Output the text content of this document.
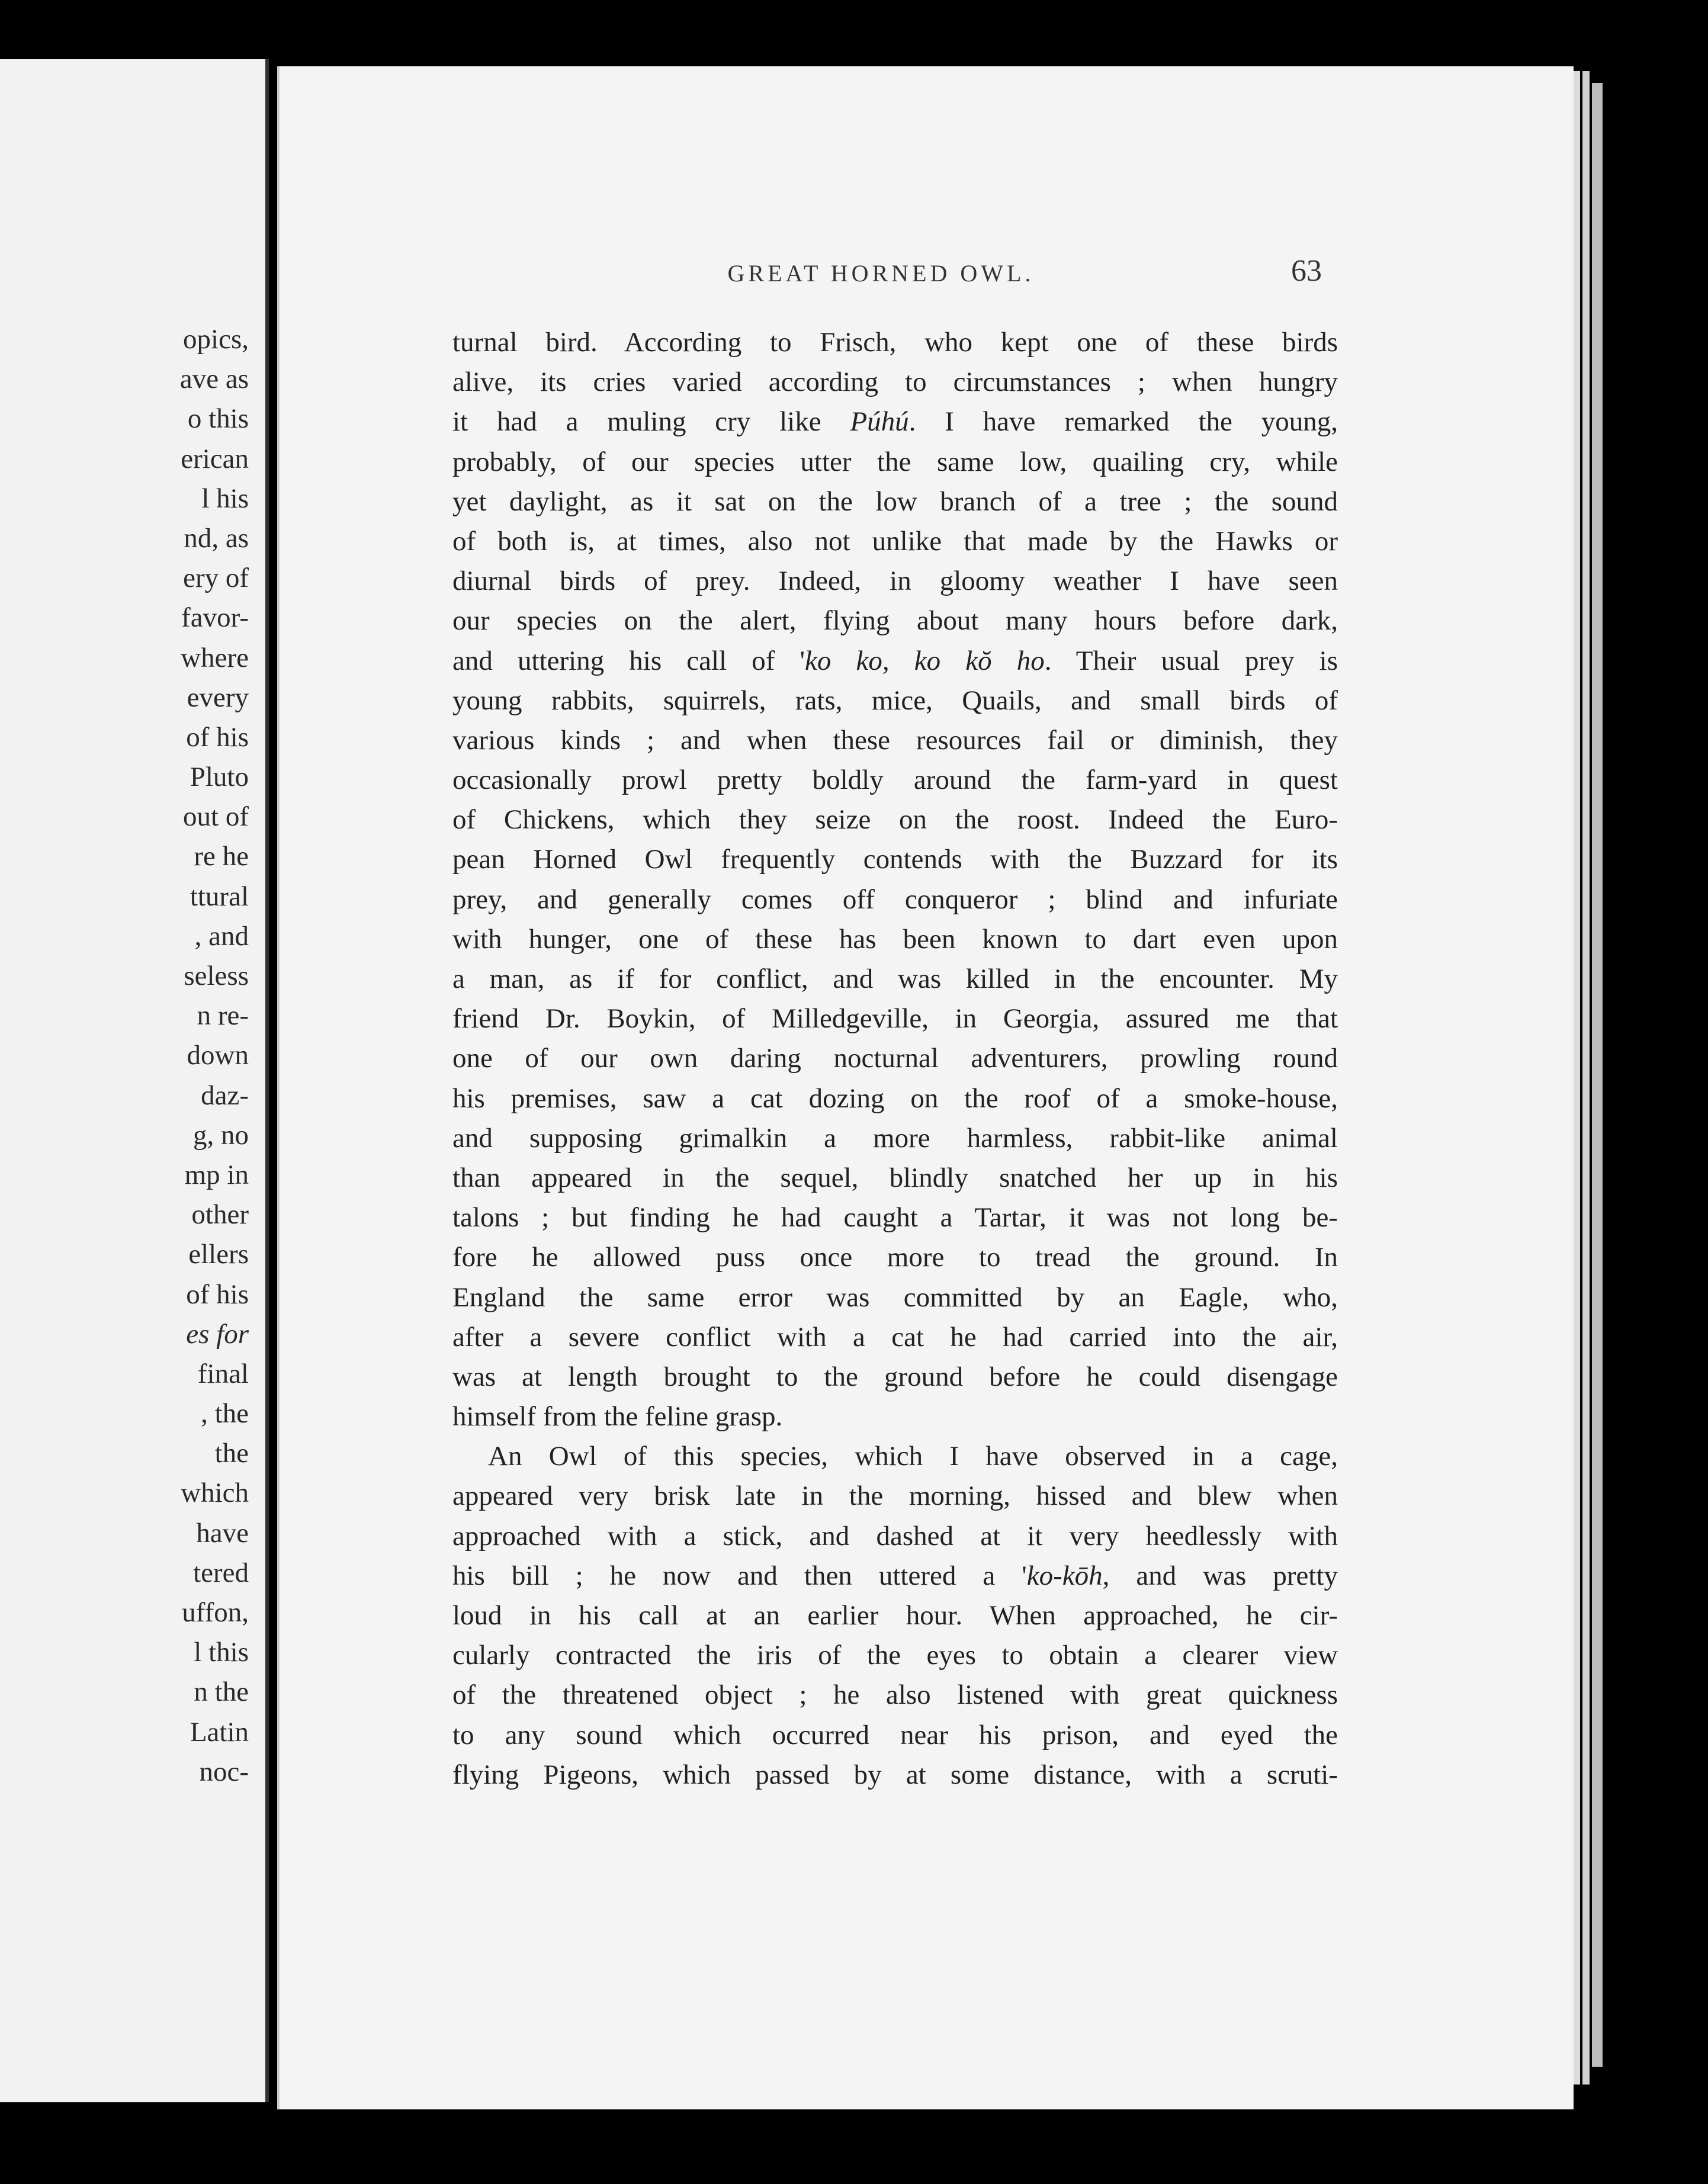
opics,
ave as
o this
erican
l his
nd, as
ery of
favor-
where
every
of his
Pluto
out of
re he
ttural
, and
seless
n re-
down
daz-
g, no
mp in
other
ellers
of his
es for
final
, the
the
which
have
tered
uffon,
l this
n the
Latin
noc-
GREAT HORNED OWL.	63
turnal bird. According to Frisch, who kept one of these birds
alive, its cries varied according to circumstances ; when hungry
it had a muling cry like Púhú. I have remarked the young,
probably, of our species utter the same low, quailing cry, while
yet daylight, as it sat on the low branch of a tree ; the sound
of both is, at times, also not unlike that made by the Hawks or
diurnal birds of prey. Indeed, in gloomy weather I have seen
our species on the alert, flying about many hours before dark,
and uttering his call of 'ko ko, ko kŏ ho. Their usual prey is
young rabbits, squirrels, rats, mice, Quails, and small birds of
various kinds ; and when these resources fail or diminish, they
occasionally prowl pretty boldly around the farm-yard in quest
of Chickens, which they seize on the roost. Indeed the Euro-
pean Horned Owl frequently contends with the Buzzard for its
prey, and generally comes off conqueror ; blind and infuriate
with hunger, one of these has been known to dart even upon
a man, as if for conflict, and was killed in the encounter. My
friend Dr. Boykin, of Milledgeville, in Georgia, assured me that
one of our own daring nocturnal adventurers, prowling round
his premises, saw a cat dozing on the roof of a smoke-house,
and supposing grimalkin a more harmless, rabbit-like animal
than appeared in the sequel, blindly snatched her up in his
talons ; but finding he had caught a Tartar, it was not long be-
fore he allowed puss once more to tread the ground. In
England the same error was committed by an Eagle, who,
after a severe conflict with a cat he had carried into the air,
was at length brought to the ground before he could disengage
himself from the feline grasp.
An Owl of this species, which I have observed in a cage,
appeared very brisk late in the morning, hissed and blew when
approached with a stick, and dashed at it very heedlessly with
his bill ; he now and then uttered a 'ko-kōh, and was pretty
loud in his call at an earlier hour. When approached, he cir-
cularly contracted the iris of the eyes to obtain a clearer view
of the threatened object ; he also listened with great quickness
to any sound which occurred near his prison, and eyed the
flying Pigeons, which passed by at some distance, with a scruti-
